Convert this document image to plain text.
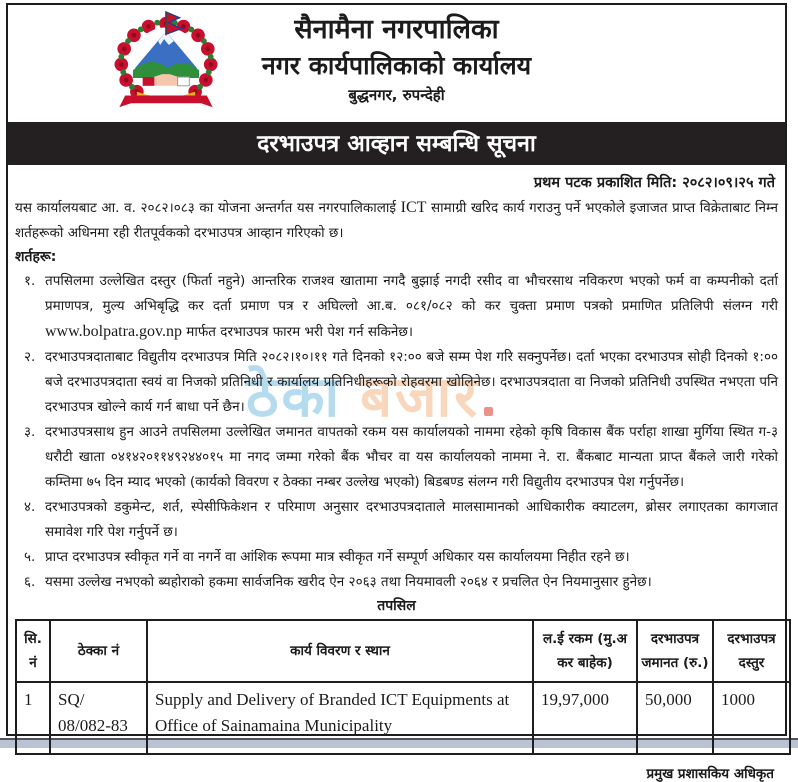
ठेका बजार
सैनामैना नगरपालिका
नगर कार्यपालिकाको कार्यालय
बुद्धनगर, रुपन्देही
दरभाउपत्र आव्हान सम्बन्धि सूचना
प्रथम पटक प्रकाशित मिति: २०८२।०९।२५ गते
यस कार्यालयबाट आ. व. २०८२।०८३ का योजना अन्तर्गत यस नगरपालिकालाई ICT सामाग्री खरिद कार्य गराउनु पर्ने भएकोले इजाजत प्राप्त विक्रेताबाट निम्न शर्तहरूको अधिनमा रही रीतपूर्वकको दरभाउपत्र आव्हान गरिएको छ।
शर्तहरू:
१. तपसिलमा उल्लेखित दस्तुर (फिर्ता नहुने) आन्तरिक राजश्व खातामा नगदै बुझाई नगदी रसीद वा भौचरसाथ नविकरण भएको फर्म वा कम्पनीको दर्ता प्रमाणपत्र, मुल्य अभिबृद्धि कर दर्ता प्रमाण पत्र र अघिल्लो आ.ब. ०८१/०८२ को कर चुक्ता प्रमाण पत्रको प्रमाणित प्रतिलिपी संलग्न गरी www.bolpatra.gov.np मार्फत दरभाउपत्र फारम भरी पेश गर्न सकिनेछ।
२. दरभाउपत्रदाताबाट विद्युतीय दरभाउपत्र मिति २०८२।१०।११ गते दिनको १२:०० बजे सम्म पेश गरि सक्नुपर्नेछ। दर्ता भएका दरभाउपत्र सोही दिनको १:०० बजे दरभाउपत्रदाता स्वयं वा निजको प्रतिनिधी र कार्यालय प्रतिनिधीहरूको रोहवरमा खोलिनेछ। दरभाउपत्रदाता वा निजको प्रतिनिधी उपस्थित नभएता पनि दरभाउपत्र खोल्ने कार्य गर्न बाधा पर्ने छैन।
३. दरभाउपत्रसाथ हुन आउने तपसिलमा उल्लेखित जमानत वापतको रकम यस कार्यालयको नाममा रहेको कृषि विकास बैंक पर्राहा शाखा मुर्गिया स्थित ग-३ धरौटी खाता ०४१४२०११४९२४४०१५ मा नगद जम्मा गरेको बैंक भौचर वा यस कार्यालयको नाममा ने. रा. बैंकबाट मान्यता प्राप्त बैंकले जारी गरेको कम्तिमा ७५ दिन म्याद भएको (कार्यको विवरण र ठेक्का नम्बर उल्लेख भएको) बिडबण्ड संलग्न गरी विद्युतीय दरभाउपत्र पेश गर्नुपर्नेछ।
४. दरभाउपत्रको डकुमेन्ट, शर्त, स्पेसीफिकेशन र परिमाण अनुसार दरभाउपत्रदाताले मालसामानको आधिकारीक क्याटलग, ब्रोसर लगाएतका कागजात समावेश गरि पेश गर्नुपर्ने छ।
५. प्राप्त दरभाउपत्र स्वीकृत गर्ने वा नगर्ने वा आंशिक रूपमा मात्र स्वीकृत गर्ने सम्पूर्ण अधिकार यस कार्यालयमा निहीत रहने छ।
६. यसमा उल्लेख नभएको ब्यहोराको हकमा सार्वजनिक खरीद ऐन २०६३ तथा नियमावली २०६४ र प्रचलित ऐन नियमानुसार हुनेछ।
तपसिल
सि. नं	ठेक्का नं	कार्य विवरण र स्थान	ल.ई रकम (मु.अ कर बाहेक)	दरभाउपत्र जमानत (रु.)	दरभाउपत्र दस्तुर
1	SQ/
08/082-83	Supply and Delivery of Branded ICT Equipments at Office of Sainamaina Municipality	19,97,000	50,000	1000
प्रमुख प्रशासकिय अधिकृत
